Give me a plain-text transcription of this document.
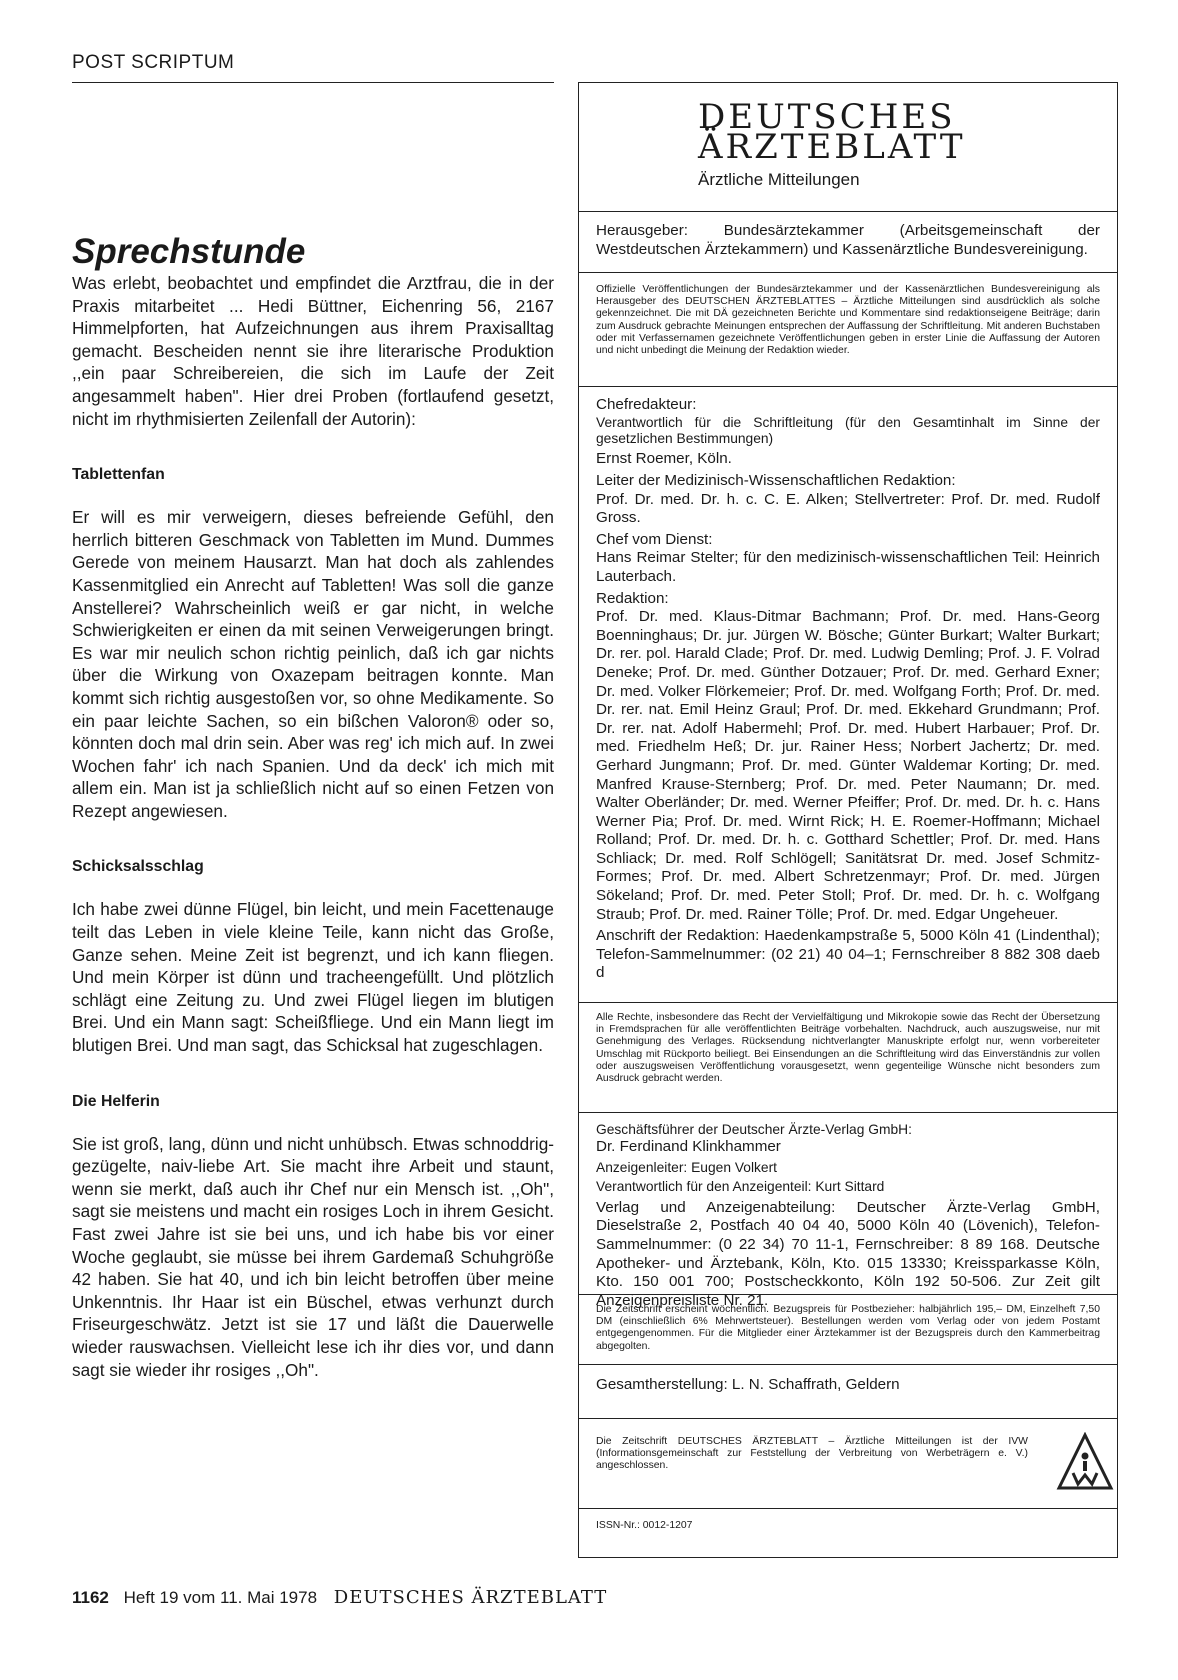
POST SCRIPTUM
Sprechstunde

Was erlebt, beobachtet und empfindet die Arztfrau, die in der Praxis mitarbeitet ... Hedi Büttner, Eichenring 56, 2167 Himmelpforten, hat Aufzeichnungen aus ihrem Praxisalltag gemacht. Bescheiden nennt sie ihre literarische Produktion ,,ein paar Schreibereien, die sich im Laufe der Zeit angesammelt haben". Hier drei Proben (fortlaufend gesetzt, nicht im rhythmisierten Zeilenfall der Autorin):

Tablettenfan

Er will es mir verweigern, dieses befreiende Gefühl, den herrlich bitteren Geschmack von Tabletten im Mund. Dummes Gerede von meinem Hausarzt. Man hat doch als zahlendes Kassenmitglied ein Anrecht auf Tabletten! Was soll die ganze Anstellerei? Wahrscheinlich weiß er gar nicht, in welche Schwierigkeiten er einen da mit seinen Verweigerungen bringt. Es war mir neulich schon richtig peinlich, daß ich gar nichts über die Wirkung von Oxazepam beitragen konnte. Man kommt sich richtig ausgestoßen vor, so ohne Medikamente. So ein paar leichte Sachen, so ein bißchen Valoron® oder so, könnten doch mal drin sein. Aber was reg' ich mich auf. In zwei Wochen fahr' ich nach Spanien. Und da deck' ich mich mit allem ein. Man ist ja schließlich nicht auf so einen Fetzen von Rezept angewiesen.

Schicksalsschlag

Ich habe zwei dünne Flügel, bin leicht, und mein Facettenauge teilt das Leben in viele kleine Teile, kann nicht das Große, Ganze sehen. Meine Zeit ist begrenzt, und ich kann fliegen. Und mein Körper ist dünn und tracheengefüllt. Und plötzlich schlägt eine Zeitung zu. Und zwei Flügel liegen im blutigen Brei. Und ein Mann sagt: Scheißfliege. Und ein Mann liegt im blutigen Brei. Und man sagt, das Schicksal hat zugeschlagen.

Die Helferin

Sie ist groß, lang, dünn und nicht unhübsch. Etwas schnoddrig-gezügelte, naiv-liebe Art. Sie macht ihre Arbeit und staunt, wenn sie merkt, daß auch ihr Chef nur ein Mensch ist. ,,Oh", sagt sie meistens und macht ein rosiges Loch in ihrem Gesicht. Fast zwei Jahre ist sie bei uns, und ich habe bis vor einer Woche geglaubt, sie müsse bei ihrem Gardemaß Schuhgröße 42 haben. Sie hat 40, und ich bin leicht betroffen über meine Unkenntnis. Ihr Haar ist ein Büschel, etwas verhunzt durch Friseurgeschwätz. Jetzt ist sie 17 und läßt die Dauerwelle wieder rauswachsen. Vielleicht lese ich ihr dies vor, und dann sagt sie wieder ihr rosiges ,,Oh".

DEUTSCHES
ÄRZTEBLATT
Ärztliche Mitteilungen
Herausgeber: Bundesärztekammer (Arbeitsgemeinschaft der Westdeutschen Ärztekammern) und Kassenärztliche Bundesvereinigung.
Offizielle Veröffentlichungen der Bundesärztekammer und der Kassenärztlichen Bundesvereinigung als Herausgeber des DEUTSCHEN ÄRZTEBLATTES – Ärztliche Mitteilungen sind ausdrücklich als solche gekennzeichnet. Die mit DÄ gezeichneten Berichte und Kommentare sind redaktionseigene Beiträge; darin zum Ausdruck gebrachte Meinungen entsprechen der Auffassung der Schriftleitung. Mit anderen Buchstaben oder mit Verfassernamen gezeichnete Veröffentlichungen geben in erster Linie die Auffassung der Autoren und nicht unbedingt die Meinung der Redaktion wieder.
Chefredakteur:
Verantwortlich für die Schriftleitung (für den Gesamtinhalt im Sinne der gesetzlichen Bestimmungen)
Ernst Roemer, Köln.
Leiter der Medizinisch-Wissenschaftlichen Redaktion:
Prof. Dr. med. Dr. h. c. C. E. Alken; Stellvertreter: Prof. Dr. med. Rudolf Gross.
Chef vom Dienst:
Hans Reimar Stelter; für den medizinisch-wissenschaftlichen Teil: Heinrich Lauterbach.
Redaktion:
Prof. Dr. med. Klaus-Ditmar Bachmann; Prof. Dr. med. Hans-Georg Boenninghaus; Dr. jur. Jürgen W. Bösche; Günter Burkart; Walter Burkart; Dr. rer. pol. Harald Clade; Prof. Dr. med. Ludwig Demling; Prof. J. F. Volrad Deneke; Prof. Dr. med. Günther Dotzauer; Prof. Dr. med. Gerhard Exner; Dr. med. Volker Flörkemeier; Prof. Dr. med. Wolfgang Forth; Prof. Dr. med. Dr. rer. nat. Emil Heinz Graul; Prof. Dr. med. Ekkehard Grundmann; Prof. Dr. rer. nat. Adolf Habermehl; Prof. Dr. med. Hubert Harbauer; Prof. Dr. med. Friedhelm Heß; Dr. jur. Rainer Hess; Norbert Jachertz; Dr. med. Gerhard Jungmann; Prof. Dr. med. Günter Waldemar Korting; Dr. med. Manfred Krause-Sternberg; Prof. Dr. med. Peter Naumann; Dr. med. Walter Oberländer; Dr. med. Werner Pfeiffer; Prof. Dr. med. Dr. h. c. Hans Werner Pia; Prof. Dr. med. Wirnt Rick; H. E. Roemer-Hoffmann; Michael Rolland; Prof. Dr. med. Dr. h. c. Gotthard Schettler; Prof. Dr. med. Hans Schliack; Dr. med. Rolf Schlögell; Sanitätsrat Dr. med. Josef Schmitz-Formes; Prof. Dr. med. Albert Schretzenmayr; Prof. Dr. med. Jürgen Sökeland; Prof. Dr. med. Peter Stoll; Prof. Dr. med. Dr. h. c. Wolfgang Straub; Prof. Dr. med. Rainer Tölle; Prof. Dr. med. Edgar Ungeheuer.
Anschrift der Redaktion: Haedenkampstraße 5, 5000 Köln 41 (Lindenthal); Telefon-Sammelnummer: (02 21) 40 04–1; Fernschreiber 8 882 308 daeb d
Alle Rechte, insbesondere das Recht der Vervielfältigung und Mikrokopie sowie das Recht der Übersetzung in Fremdsprachen für alle veröffentlichten Beiträge vorbehalten. Nachdruck, auch auszugsweise, nur mit Genehmigung des Verlages. Rücksendung nichtverlangter Manuskripte erfolgt nur, wenn vorbereiteter Umschlag mit Rückporto beiliegt. Bei Einsendungen an die Schriftleitung wird das Einverständnis zur vollen oder auszugsweisen Veröffentlichung vorausgesetzt, wenn gegenteilige Wünsche nicht besonders zum Ausdruck gebracht werden.
Geschäftsführer der Deutscher Ärzte-Verlag GmbH:
Dr. Ferdinand Klinkhammer
Anzeigenleiter: Eugen Volkert
Verantwortlich für den Anzeigenteil: Kurt Sittard
Verlag und Anzeigenabteilung: Deutscher Ärzte-Verlag GmbH, Dieselstraße 2, Postfach 40 04 40, 5000 Köln 40 (Lövenich), Telefon-Sammelnummer: (0 22 34) 70 11-1, Fernschreiber: 8 89 168. Deutsche Apotheker- und Ärztebank, Köln, Kto. 015 13330; Kreissparkasse Köln, Kto. 150 001 700; Postscheckkonto, Köln 192 50-506. Zur Zeit gilt Anzeigenpreisliste Nr. 21.
Die Zeitschrift erscheint wöchentlich. Bezugspreis für Postbezieher: halbjährlich 195,– DM, Einzelheft 7,50 DM (einschließlich 6% Mehrwertsteuer). Bestellungen werden vom Verlag oder von jedem Postamt entgegengenommen. Für die Mitglieder einer Ärztekammer ist der Bezugspreis durch den Kammerbeitrag abgegolten.
Gesamtherstellung: L. N. Schaffrath, Geldern
Die Zeitschrift DEUTSCHES ÄRZTEBLATT – Ärztliche Mitteilungen ist der IVW (Informationsgemeinschaft zur Feststellung der Verbreitung von Werbeträgern e. V.) angeschlossen.
ISSN-Nr.: 0012-1207
1162 Heft 19 vom 11. Mai 1978 DEUTSCHES ÄRZTEBLATT
